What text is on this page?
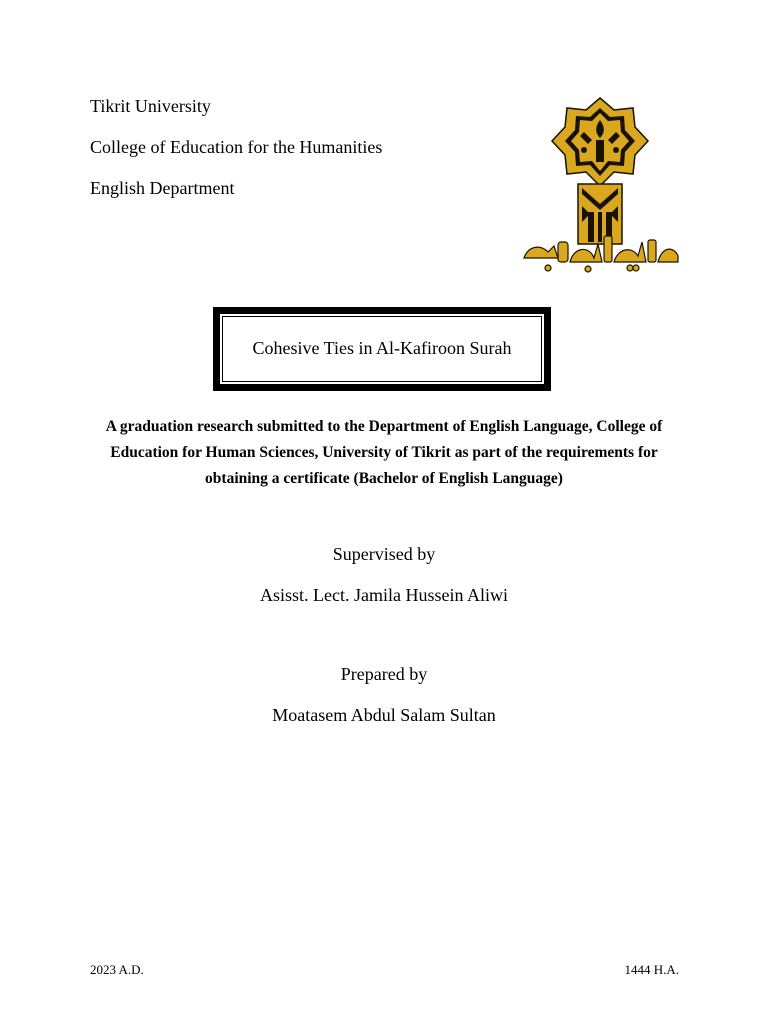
Tikrit University
College of Education for the Humanities
English Department
Cohesive Ties in Al-Kafiroon Surah
A graduation research submitted to the Department of English Language, College of Education for Human Sciences, University of Tikrit as part of the requirements for obtaining a certificate (Bachelor of English Language)
Supervised by
Asisst. Lect. Jamila Hussein Aliwi
Prepared by
Moatasem Abdul Salam Sultan
2023 A.D.	1444 H.A.
